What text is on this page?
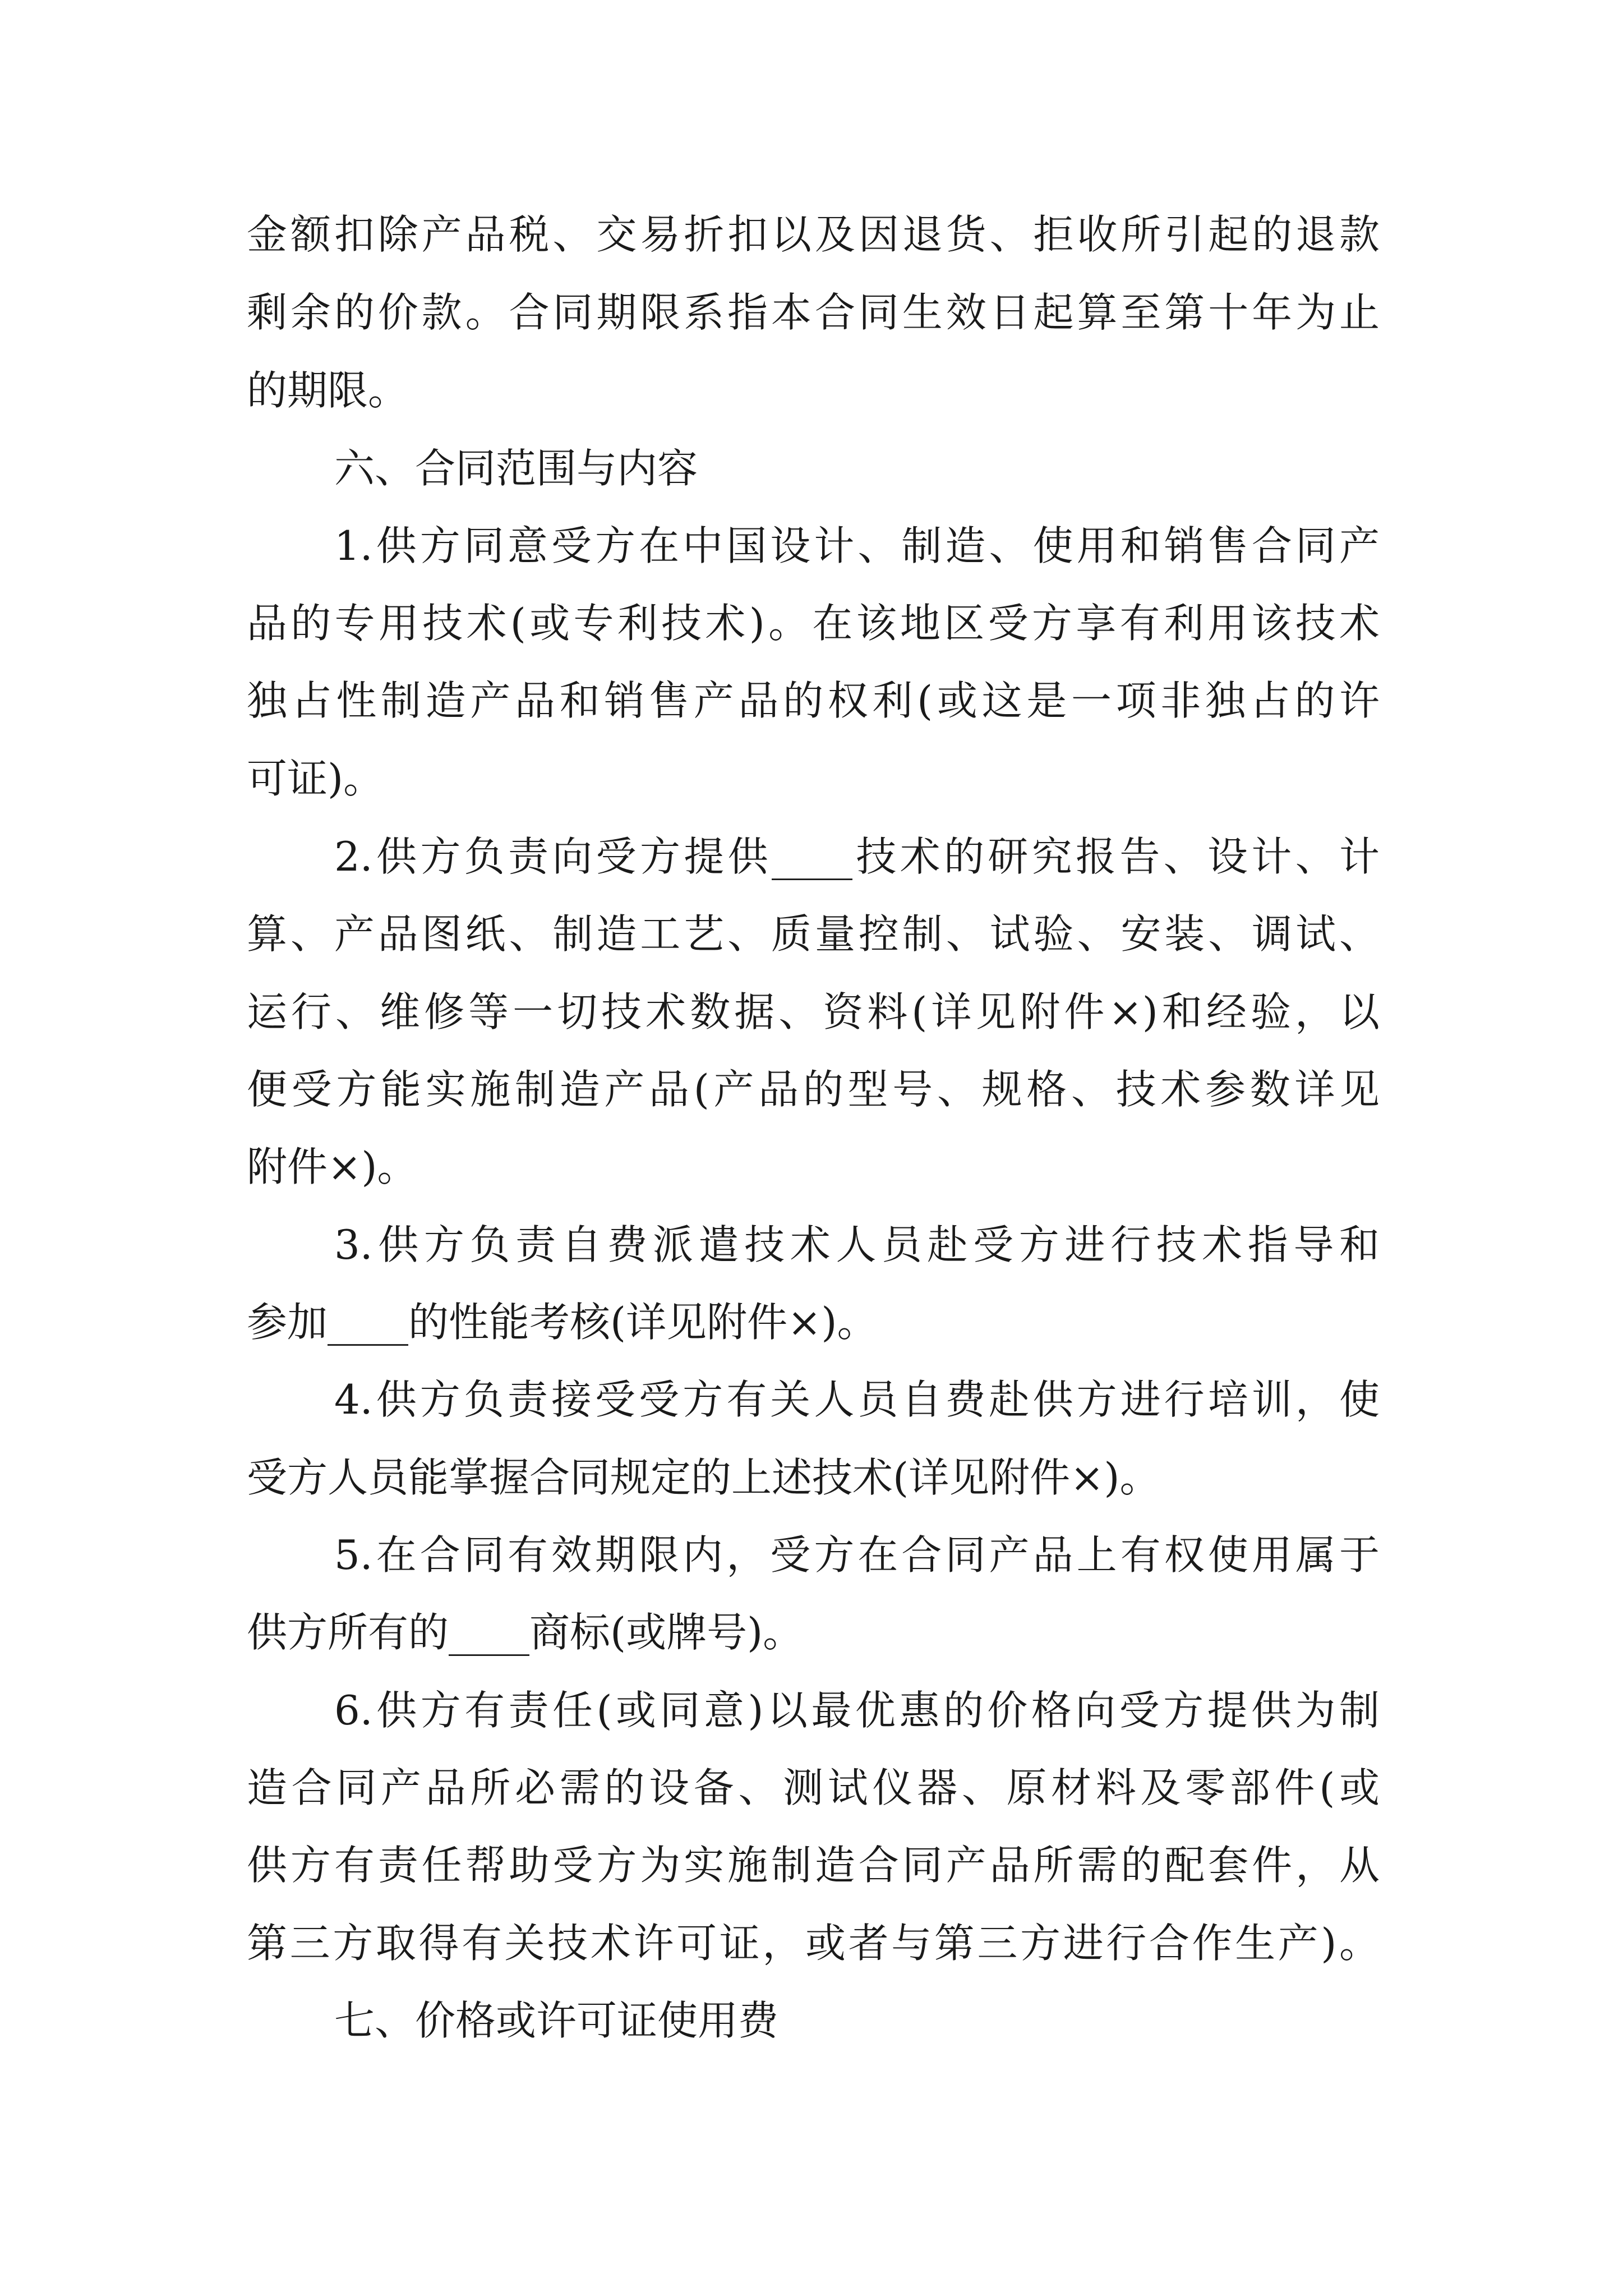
金额扣除产品税、交易折扣以及因退货、拒收所引起的退款
剩余的价款。合同期限系指本合同生效日起算至第十年为止
的期限。
六、合同范围与内容
1.供方同意受方在中国设计、制造、使用和销售合同产
品的专用技术(或专利技术)。在该地区受方享有利用该技术
独占性制造产品和销售产品的权利(或这是一项非独占的许
可证)。
2.供方负责向受方提供____技术的研究报告、设计、计
算、产品图纸、制造工艺、质量控制、试验、安装、调试、
运行、维修等一切技术数据、资料(详见附件×)和经验，以
便受方能实施制造产品(产品的型号、规格、技术参数详见
附件×)。
3.供方负责自费派遣技术人员赴受方进行技术指导和
参加____的性能考核(详见附件×)。
4.供方负责接受受方有关人员自费赴供方进行培训，使
受方人员能掌握合同规定的上述技术(详见附件×)。
5.在合同有效期限内，受方在合同产品上有权使用属于
供方所有的____商标(或牌号)。
6.供方有责任(或同意)以最优惠的价格向受方提供为制
造合同产品所必需的设备、测试仪器、原材料及零部件(或
供方有责任帮助受方为实施制造合同产品所需的配套件，从
第三方取得有关技术许可证，或者与第三方进行合作生产)。
七、价格或许可证使用费
